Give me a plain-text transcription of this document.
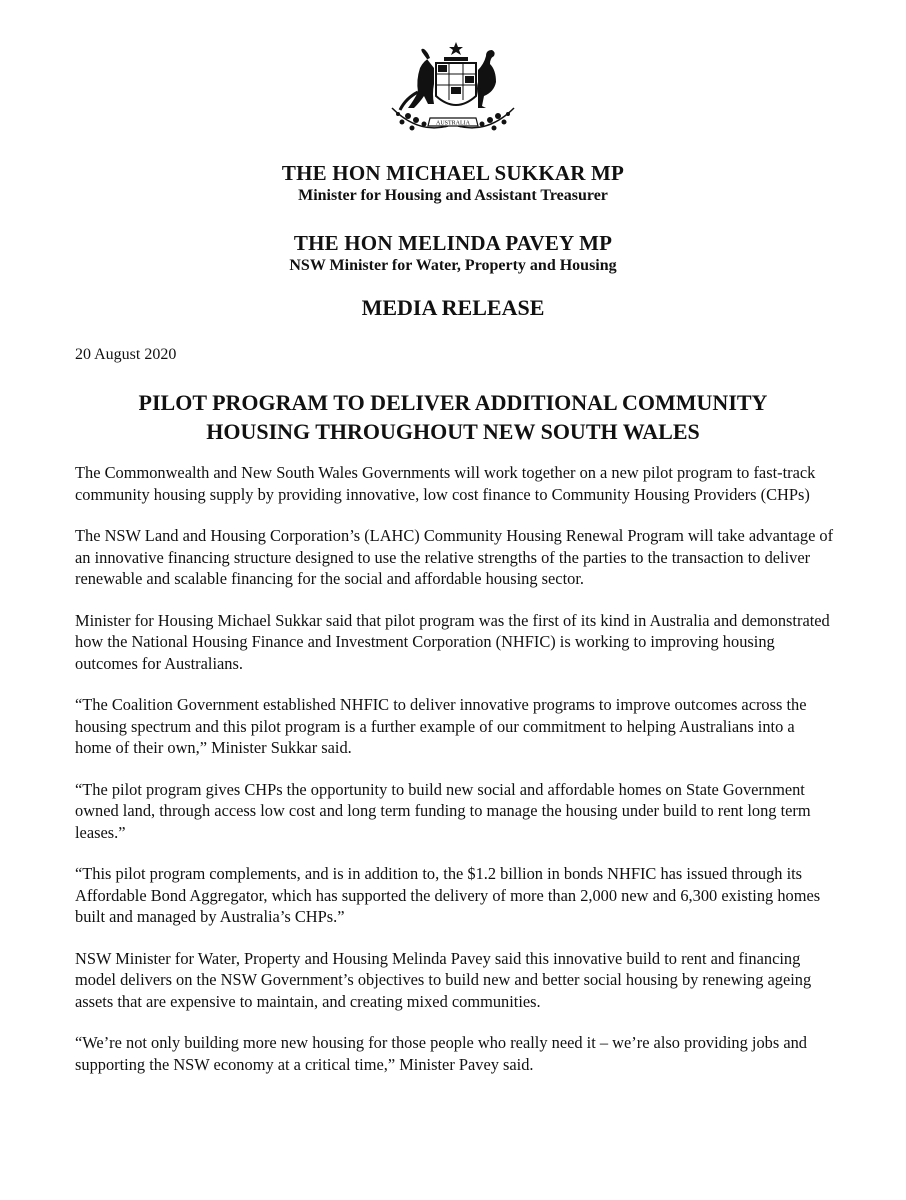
AUSTRALIA

THE HON MICHAEL SUKKAR MP

Minister for Housing and Assistant Treasurer

THE HON MELINDA PAVEY MP

NSW Minister for Water, Property and Housing

MEDIA RELEASE

20 August 2020

PILOT PROGRAM TO DELIVER ADDITIONAL COMMUNITY
HOUSING THROUGHOUT NEW SOUTH WALES

The Commonwealth and New South Wales Governments will work together on a new pilot program to fast-track community housing supply by providing innovative, low cost finance to Community Housing Providers (CHPs)

The NSW Land and Housing Corporation’s (LAHC) Community Housing Renewal Program will take advantage of an innovative financing structure designed to use the relative strengths of the parties to the transaction to deliver renewable and scalable financing for the social and affordable housing sector.

Minister for Housing Michael Sukkar said that pilot program was the first of its kind in Australia and demonstrated how the National Housing Finance and Investment Corporation (NHFIC) is working to improving housing outcomes for Australians.

“The Coalition Government established NHFIC to deliver innovative programs to improve outcomes across the housing spectrum and this pilot program is a further example of our commitment to helping Australians into a home of their own,” Minister Sukkar said.

“The pilot program gives CHPs the opportunity to build new social and affordable homes on State Government owned land, through access low cost and long term funding to manage the housing under build to rent long term leases.”

“This pilot program complements, and is in addition to, the $1.2 billion in bonds NHFIC has issued through its Affordable Bond Aggregator, which has supported the delivery of more than 2,000 new and 6,300 existing homes built and managed by Australia’s CHPs.”

NSW Minister for Water, Property and Housing Melinda Pavey said this innovative build to rent and financing model delivers on the NSW Government’s objectives to build new and better social housing by renewing ageing assets that are expensive to maintain, and creating mixed communities.

“We’re not only building more new housing for those people who really need it – we’re also providing jobs and supporting the NSW economy at a critical time,” Minister Pavey said.
